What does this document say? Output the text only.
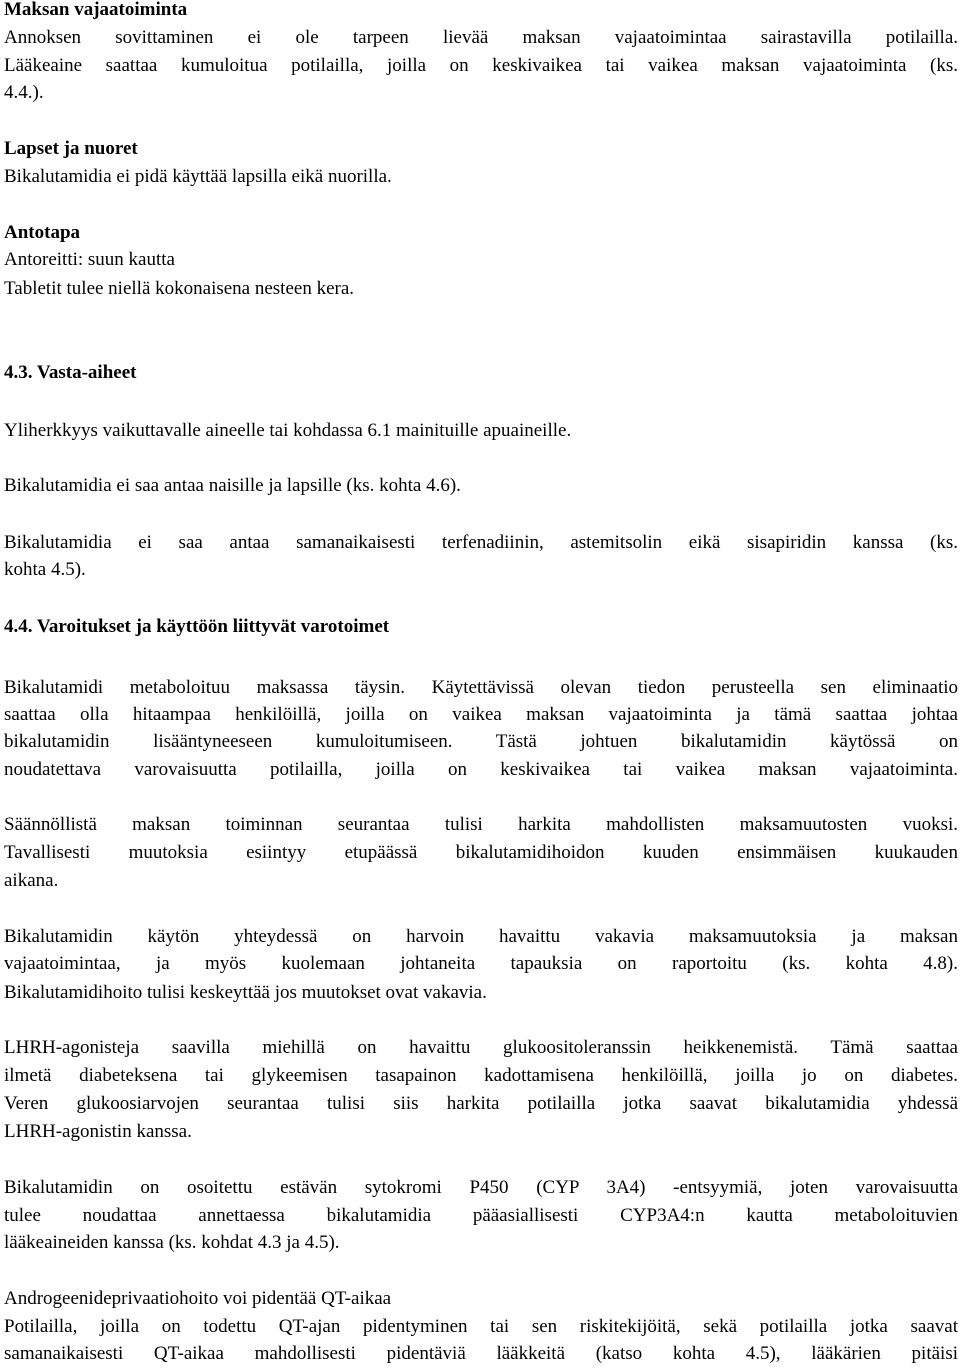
Maksan vajaatoiminta
Annoksen sovittaminen ei ole tarpeen lievää maksan vajaatoimintaa sairastavilla potilailla.
Lääkeaine saattaa kumuloitua potilailla, joilla on keskivaikea tai vaikea maksan vajaatoiminta (ks.
4.4.).
Lapset ja nuoret
Bikalutamidia ei pidä käyttää lapsilla eikä nuorilla.
Antotapa
Antoreitti: suun kautta
Tabletit tulee niellä kokonaisena nesteen kera.
4.3. Vasta-aiheet
Yliherkkyys vaikuttavalle aineelle tai kohdassa 6.1 mainituille apuaineille.
Bikalutamidia ei saa antaa naisille ja lapsille (ks. kohta 4.6).
Bikalutamidia ei saa antaa samanaikaisesti terfenadiinin, astemitsolin eikä sisapiridin kanssa (ks.
kohta 4.5).
4.4. Varoitukset ja käyttöön liittyvät varotoimet
Bikalutamidi metaboloituu maksassa täysin. Käytettävissä olevan tiedon perusteella sen eliminaatio
saattaa olla hitaampaa henkilöillä, joilla on vaikea maksan vajaatoiminta ja tämä saattaa johtaa
bikalutamidin lisääntyneeseen kumuloitumiseen. Tästä johtuen bikalutamidin käytössä on
noudatettava varovaisuutta potilailla, joilla on keskivaikea tai vaikea maksan vajaatoiminta.
Säännöllistä maksan toiminnan seurantaa tulisi harkita mahdollisten maksamuutosten vuoksi.
Tavallisesti muutoksia esiintyy etupäässä bikalutamidihoidon kuuden ensimmäisen kuukauden
aikana.
Bikalutamidin käytön yhteydessä on harvoin havaittu vakavia maksamuutoksia ja maksan
vajaatoimintaa, ja myös kuolemaan johtaneita tapauksia on raportoitu (ks. kohta 4.8).
Bikalutamidihoito tulisi keskeyttää jos muutokset ovat vakavia.
LHRH-agonisteja saavilla miehillä on havaittu glukoositoleranssin heikkenemistä. Tämä saattaa
ilmetä diabeteksena tai glykeemisen tasapainon kadottamisena henkilöillä, joilla jo on diabetes.
Veren glukoosiarvojen seurantaa tulisi siis harkita potilailla jotka saavat bikalutamidia yhdessä
LHRH-agonistin kanssa.
Bikalutamidin on osoitettu estävän sytokromi P450 (CYP 3A4) -entsyymiä, joten varovaisuutta
tulee noudattaa annettaessa bikalutamidia pääasiallisesti CYP3A4:n kautta metaboloituvien
lääkeaineiden kanssa (ks. kohdat 4.3 ja 4.5).
Androgeenideprivaatiohoito voi pidentää QT-aikaa
Potilailla, joilla on todettu QT-ajan pidentyminen tai sen riskitekijöitä, sekä potilailla jotka saavat
samanaikaisesti QT-aikaa mahdollisesti pidentäviä lääkkeitä (katso kohta 4.5), lääkärien pitäisi
